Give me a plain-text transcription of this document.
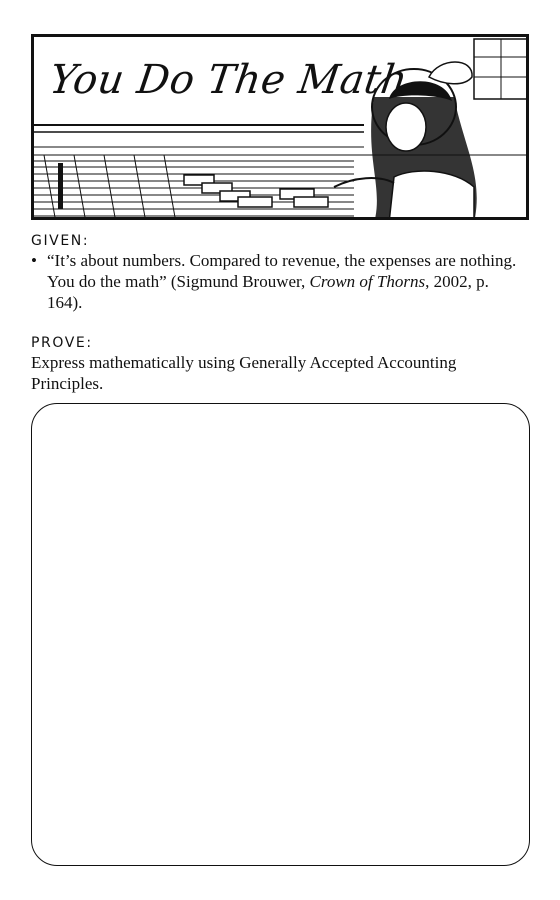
You Do The Math
GIVEN:
• “It’s about numbers. Compared to revenue, the expenses are nothing. You do the math” (Sigmund Brouwer, Crown of Thorns, 2002, p. 164).
PROVE:
Express mathematically using Generally Accepted Accounting Principles.
